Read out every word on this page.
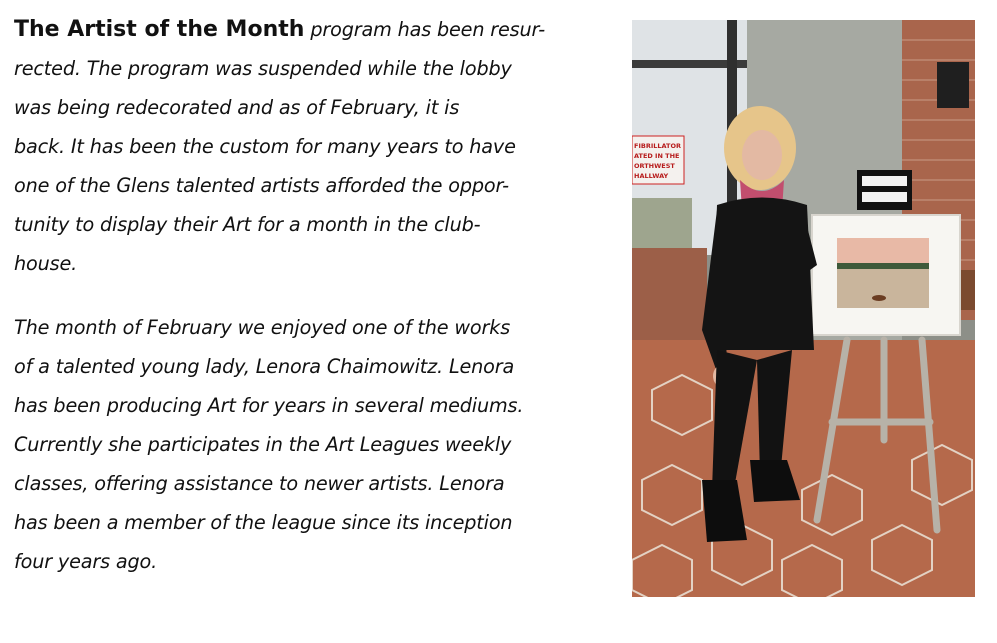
The Artist of the Month program has been resur-
rected. The program was suspended while the lobby
was being redecorated and as of February, it is
back. It has been the custom for many years to have
one of the Glens talented artists afforded the oppor-
tunity to display their Art for a month in the club-
house.

The month of February we enjoyed one of the works
of a talented young lady, Lenora Chaimowitz. Lenora
has been producing Art for years in several mediums.
Currently she participates in the Art Leagues weekly
classes, offering assistance to newer artists. Lenora
has been a member of the league since its inception
four years ago.

FIBRILLATOR
ATED IN THE
ORTHWEST
HALLWAY
